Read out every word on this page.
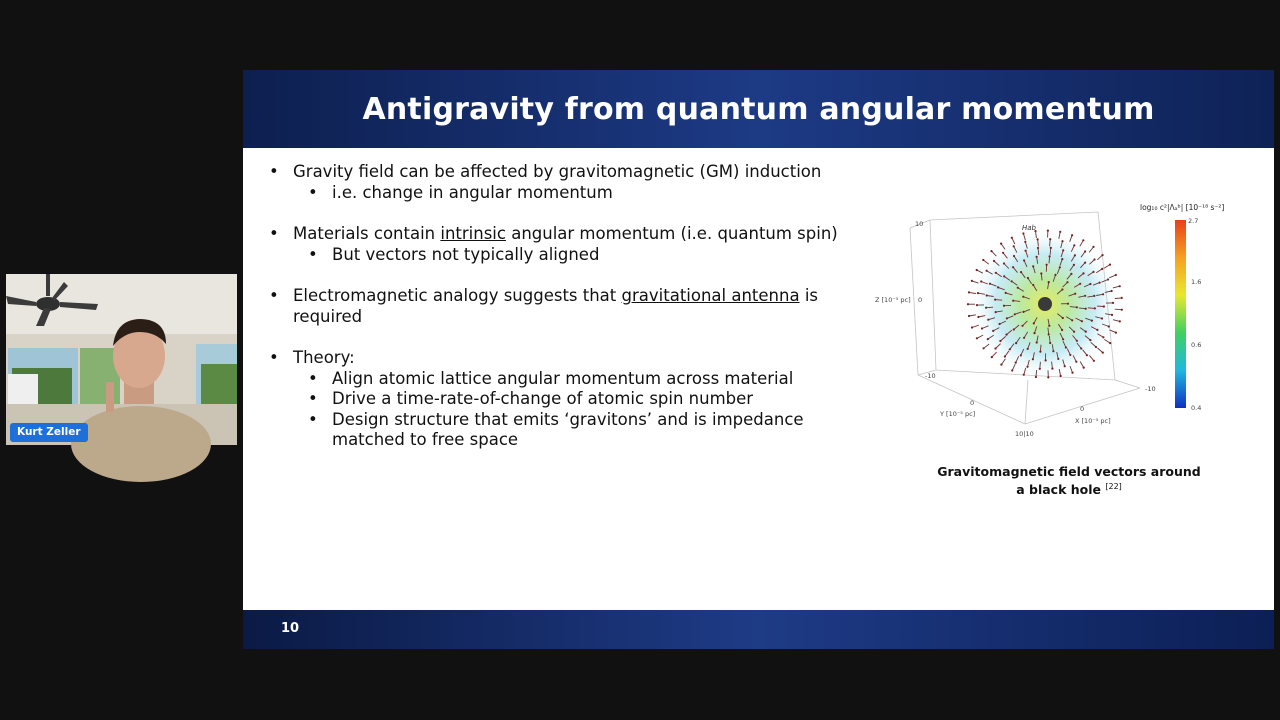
Kurt Zeller
Antigravity from quantum angular momentum
• Gravity field can be affected by gravitomagnetic (GM) induction
• i.e. change in angular momentum
• Materials contain intrinsic angular momentum (i.e. quantum spin)
• But vectors not typically aligned
• Electromagnetic analogy suggests that gravitational antenna is required
• Theory:
• Align atomic lattice angular momentum across material
• Drive a time-rate-of-change of atomic spin number
• Design structure that emits ‘gravitons’ and is impedance matched to free space
log₁₀ c²|Λₐᵇ| [10⁻¹⁸ s⁻²]
2.7
1.6
0.6
0.4
Hab
10
Z [10⁻⁵ pc] 0
-10
-10
10|10
0
Y [10⁻⁵ pc]
0
X [10⁻⁵ pc]
Gravitomagnetic field vectors around
a black hole [22]
10
